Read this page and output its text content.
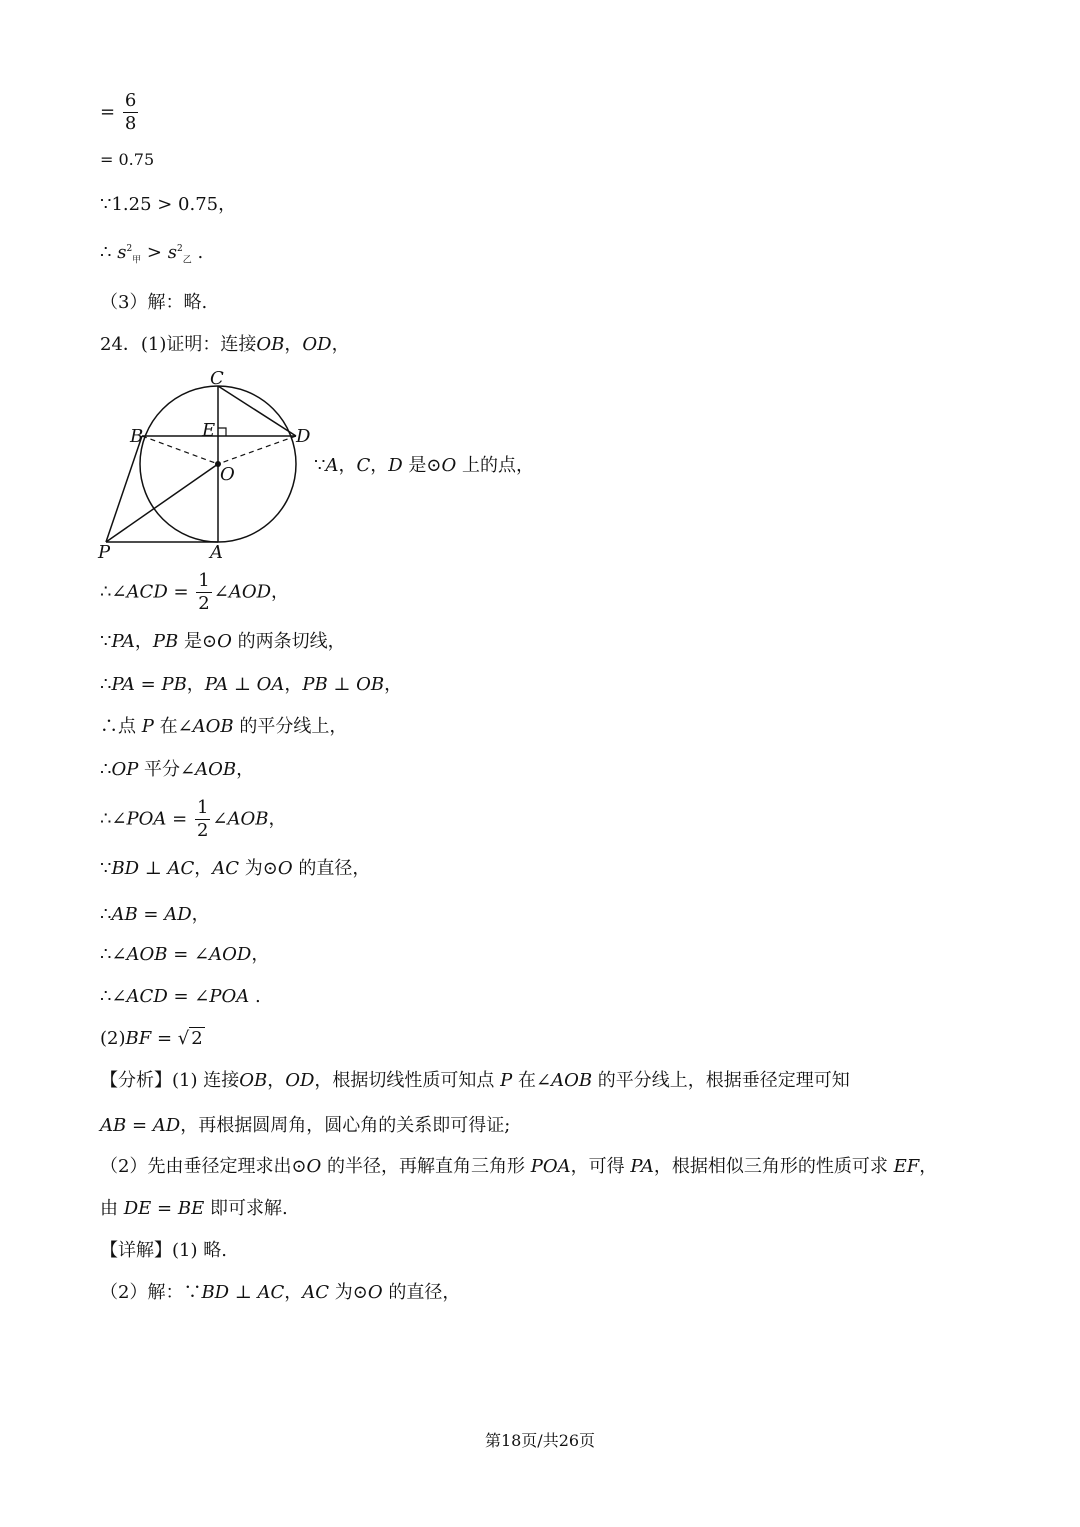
= $\frac{6}{8}$
= 0.75
∵1.25 > 0.75，
∴ $s^2_甲 > s^2_乙$ .
（3）解：略.
24．(1)证明：连接OB，OD，
C
E
B	D
O
P	A
∵A，C，D 是⊙O 上的点，
∴∠ACD = $\frac{1}{2}$ ∠AOD，
∵PA，PB 是⊙O 的两条切线，
∴PA = PB，PA ⊥ OA，PB ⊥ OB，
∴点 P 在∠AOB 的平分线上，
∴OP 平分∠AOB，
∴∠POA = $\frac{1}{2}$ ∠AOB，
∵BD ⊥ AC，AC 为⊙O 的直径，
∴AB = AD，
∴∠AOB = ∠AOD，
∴∠ACD = ∠POA .
(2)BF = √ 2
【分析】(1) 连接OB，OD，根据切线性质可知点 P 在∠AOB 的平分线上，根据垂径定理可知
AB = AD，再根据圆周角，圆心角的关系即可得证;
（2）先由垂径定理求出⊙O 的半径，再解直角三角形 POA，可得 PA，根据相似三角形的性质可求 EF，
由 DE = BE 即可求解.
【详解】(1) 略.
（2）解：∵BD ⊥ AC，AC 为⊙O 的直径，
第18页/共26页
